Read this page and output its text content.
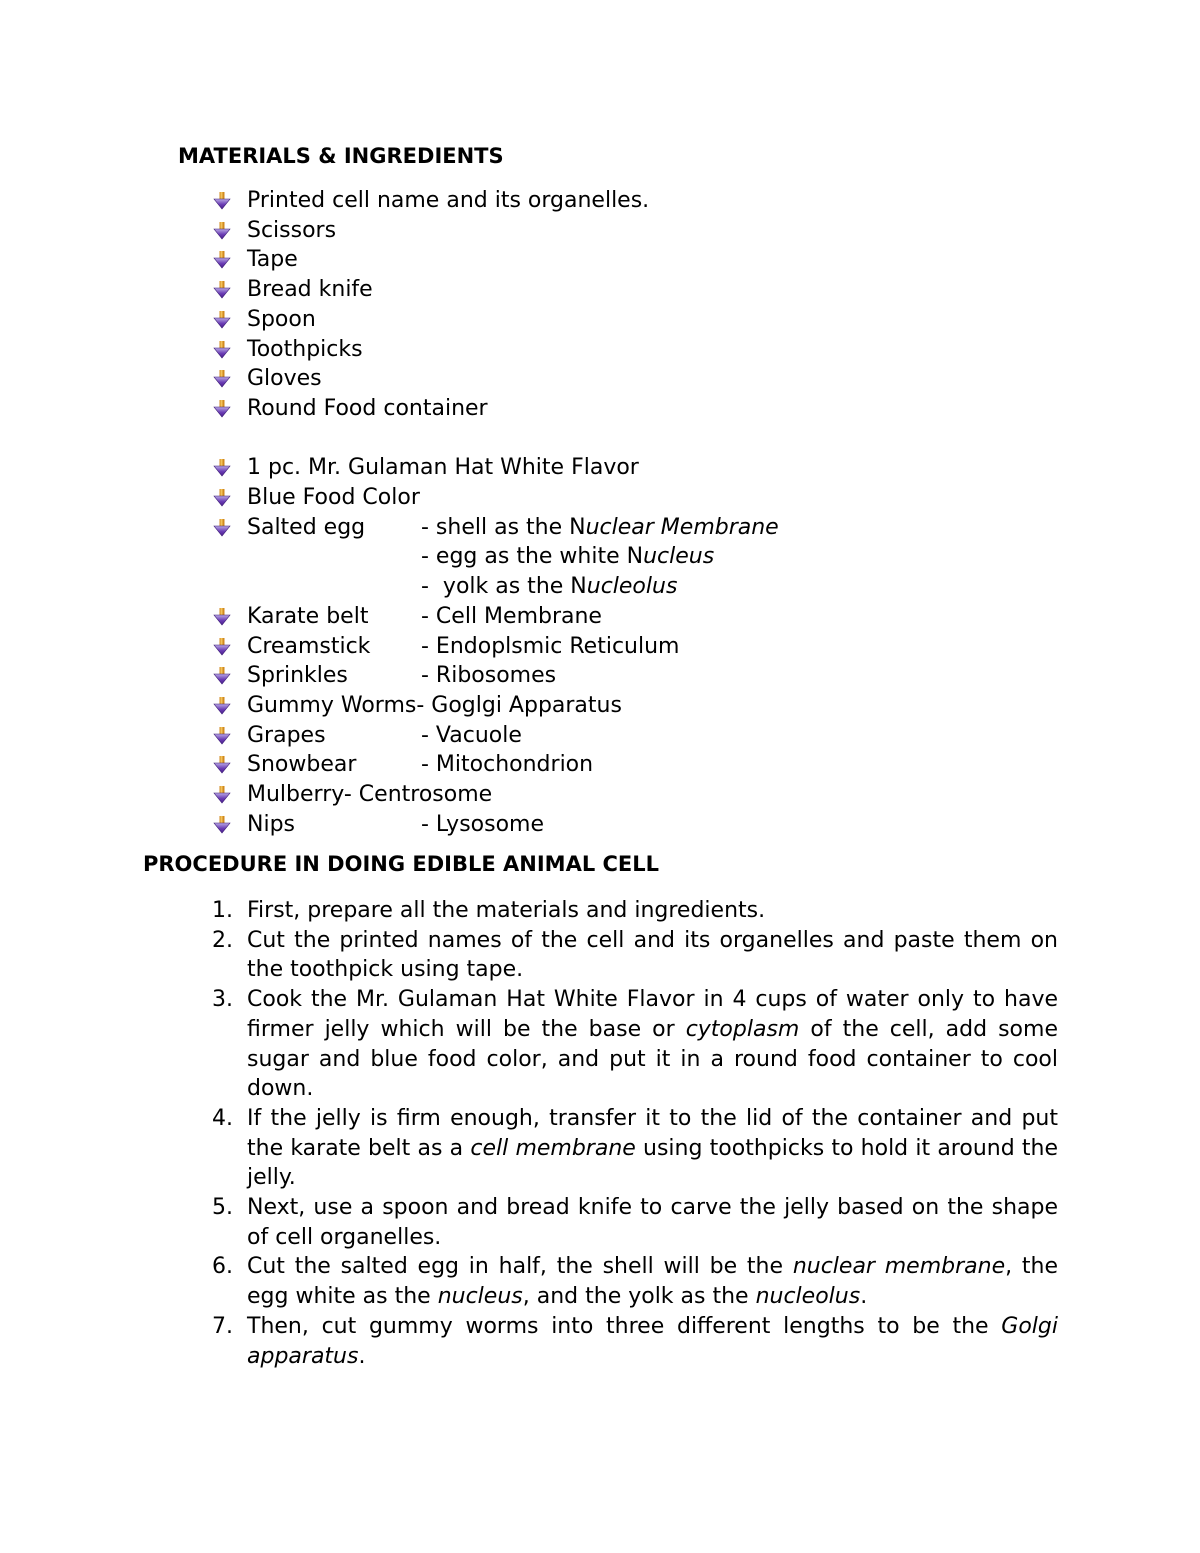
MATERIALS & INGREDIENTS
Printed cell name and its organelles.
Scissors
Tape
Bread knife
Spoon
Toothpicks
Gloves
Round Food container
1 pc. Mr. Gulaman Hat White Flavor
Blue Food Color
Salted egg	- shell as the Nuclear Membrane
- egg as the white Nucleus
-  yolk as the Nucleolus
Karate belt - Cell Membrane
Creamstick - Endoplsmic Reticulum
Sprinkles	- Ribosomes
Gummy Worms- Goglgi Apparatus
Grapes	- Vacuole
Snowbear	- Mitochondrion
Mulberry- Centrosome
Nips	- Lysosome
PROCEDURE IN DOING EDIBLE ANIMAL CELL
1. First, prepare all the materials and ingredients.
2. Cut the printed names of the cell and its organelles and paste them on the toothpick using tape.
3. Cook the Mr. Gulaman Hat White Flavor in 4 cups of water only to have firmer jelly which will be the base or cytoplasm of the cell, add some sugar and blue food color, and put it in a round food container to cool down.
4. If the jelly is firm enough, transfer it to the lid of the container and put the karate belt as a cell membrane using toothpicks to hold it around the jelly.
5. Next, use a spoon and bread knife to carve the jelly based on the shape of cell organelles.
6. Cut the salted egg in half, the shell will be the nuclear membrane, the egg white as the nucleus, and the yolk as the nucleolus.
7. Then, cut gummy worms into three different lengths to be the Golgi apparatus.
